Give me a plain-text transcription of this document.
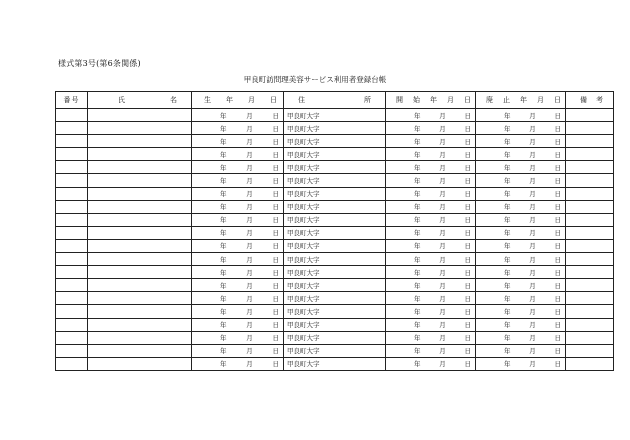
様式第3号(第6条関係)
甲良町訪問理美容サービス利用者登録台帳
番号	氏 名	生 年 月 日	住 所	開 始 年 月 日	廃 止 年 月 日	備 考

		年 月 日	甲良町大字	年 月 日	年 月 日	

		年 月 日	甲良町大字	年 月 日	年 月 日	

		年 月 日	甲良町大字	年 月 日	年 月 日	

		年 月 日	甲良町大字	年 月 日	年 月 日	

		年 月 日	甲良町大字	年 月 日	年 月 日	

		年 月 日	甲良町大字	年 月 日	年 月 日	

		年 月 日	甲良町大字	年 月 日	年 月 日	

		年 月 日	甲良町大字	年 月 日	年 月 日	

		年 月 日	甲良町大字	年 月 日	年 月 日	

		年 月 日	甲良町大字	年 月 日	年 月 日	

		年 月 日	甲良町大字	年 月 日	年 月 日	

		年 月 日	甲良町大字	年 月 日	年 月 日	

		年 月 日	甲良町大字	年 月 日	年 月 日	

		年 月 日	甲良町大字	年 月 日	年 月 日	

		年 月 日	甲良町大字	年 月 日	年 月 日	

		年 月 日	甲良町大字	年 月 日	年 月 日	

		年 月 日	甲良町大字	年 月 日	年 月 日	

		年 月 日	甲良町大字	年 月 日	年 月 日	

		年 月 日	甲良町大字	年 月 日	年 月 日	

		年 月 日	甲良町大字	年 月 日	年 月 日	
